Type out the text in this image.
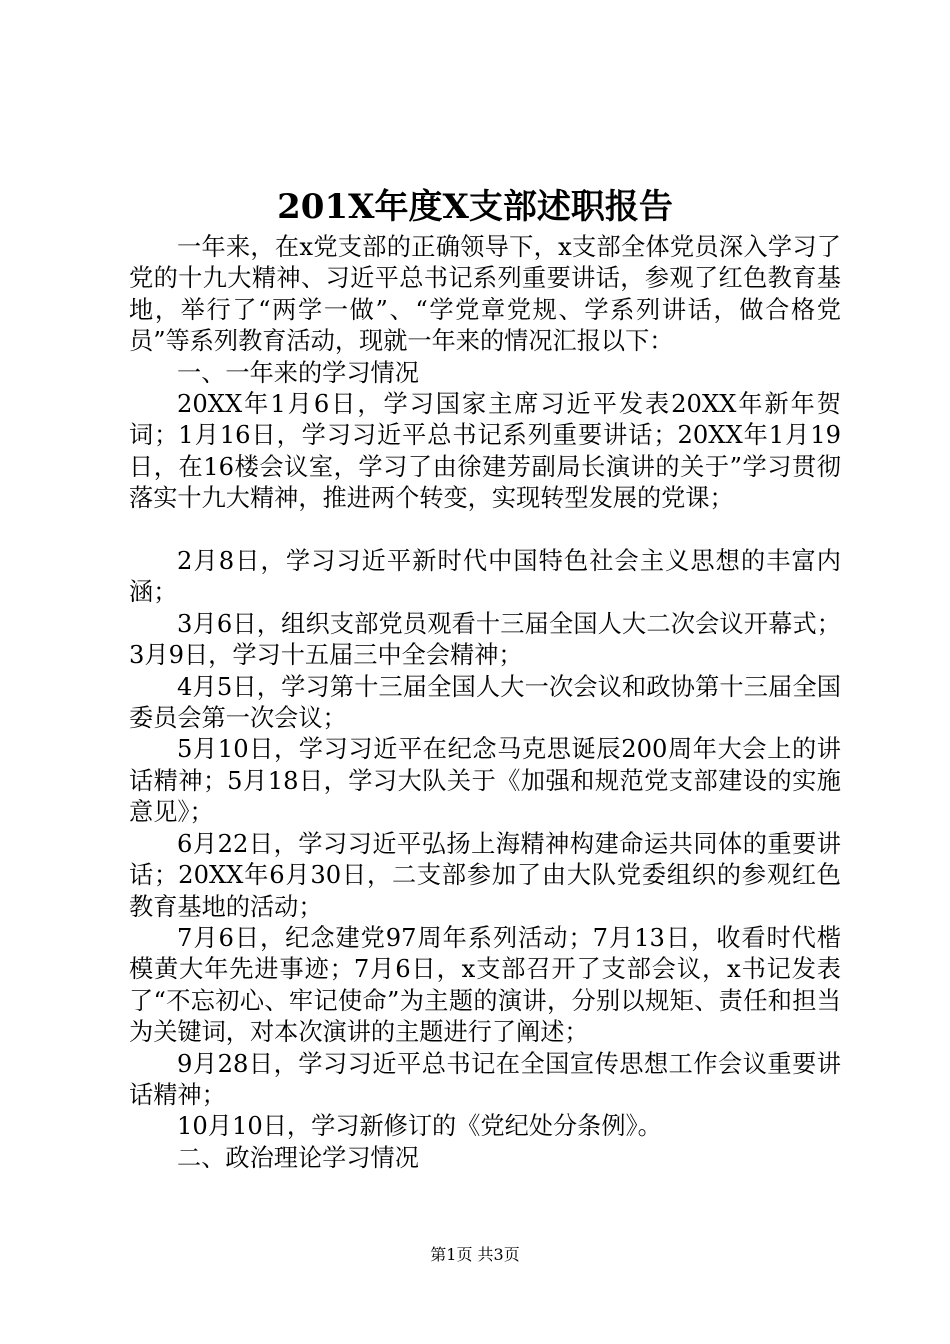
201X年度X支部述职报告

一年来，在x党支部的正确领导下，x支部全体党员深入学习了党的十九大精神、习近平总书记系列重要讲话，参观了红色教育基地，举行了“两学一做”、“学党章党规、学系列讲话，做合格党员”等系列教育活动，现就一年来的情况汇报以下：

一、一年来的学习情况

20XX年1月6日，学习国家主席习近平发表20XX年新年贺词；1月16日，学习习近平总书记系列重要讲话；20XX年1月19日，在16楼会议室，学习了由徐建芳副局长演讲的关于”学习贯彻落实十九大精神，推进两个转变，实现转型发展的党课；

2月8日，学习习近平新时代中国特色社会主义思想的丰富内涵；

3月6日，组织支部党员观看十三届全国人大二次会议开幕式；3月9日，学习十五届三中全会精神；

4月5日，学习第十三届全国人大一次会议和政协第十三届全国委员会第一次会议；

5月10日，学习习近平在纪念马克思诞辰200周年大会上的讲话精神；5月18日，学习大队关于《加强和规范党支部建设的实施意见》；

6月22日，学习习近平弘扬上海精神构建命运共同体的重要讲话；20XX年6月30日，二支部参加了由大队党委组织的参观红色教育基地的活动；

7月6日，纪念建党97周年系列活动；7月13日，收看时代楷模黄大年先进事迹；7月6日，x支部召开了支部会议，x书记发表了“不忘初心、牢记使命”为主题的演讲，分别以规矩、责任和担当为关键词，对本次演讲的主题进行了阐述；

9月28日，学习习近平总书记在全国宣传思想工作会议重要讲话精神；

10月10日，学习新修订的《党纪处分条例》。

二、政治理论学习情况

第1页 共3页
